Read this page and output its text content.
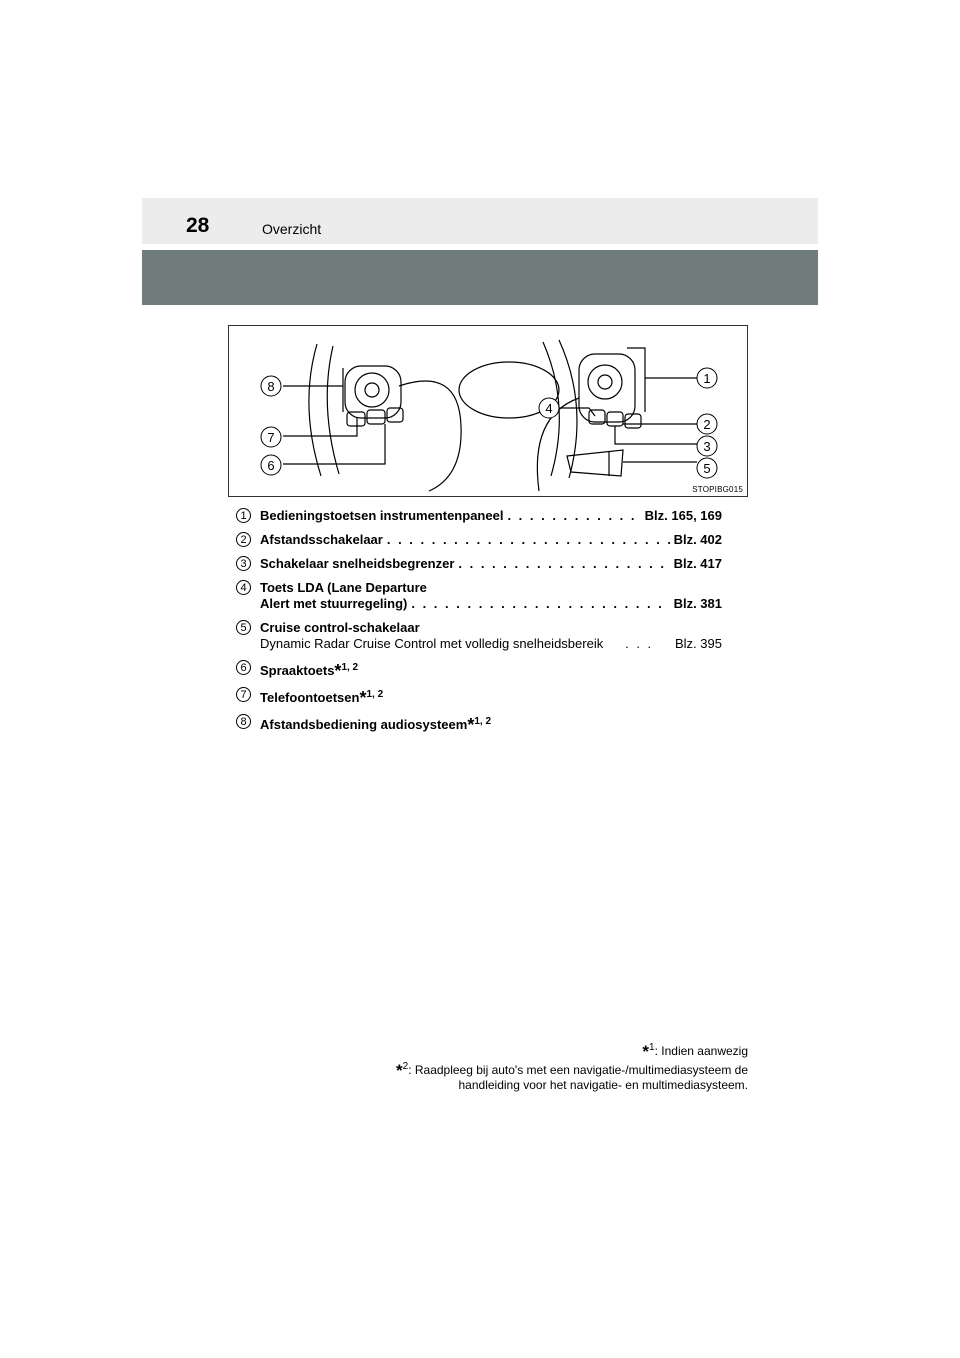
28	Overzicht
8
7
6
4
1
2
3
5
STOPIBG015
1	Bedieningstoetsen instrumentenpaneel . . .	Blz. 165, 169
2	Afstandsschakelaar . . .	Blz. 402
3	Schakelaar snelheidsbegrenzer . . .	Blz. 417
4	Toets LDA (Lane Departure
Alert met stuurregeling) . . .	Blz. 381
5	Cruise control-schakelaar
Dynamic Radar Cruise Control met volledig snelheidsbereik . . .	Blz. 395
6	Spraaktoets*$^{1, 2}$
7	Telefoontoetsen*$^{1, 2}$
8	Afstandsbediening audiosysteem*$^{1, 2}$
*$^1$: Indien aanwezig
*$^2$: Raadpleeg bij auto's met een navigatie-/multimediasysteem de
handleiding voor het navigatie- en multimediasysteem.
